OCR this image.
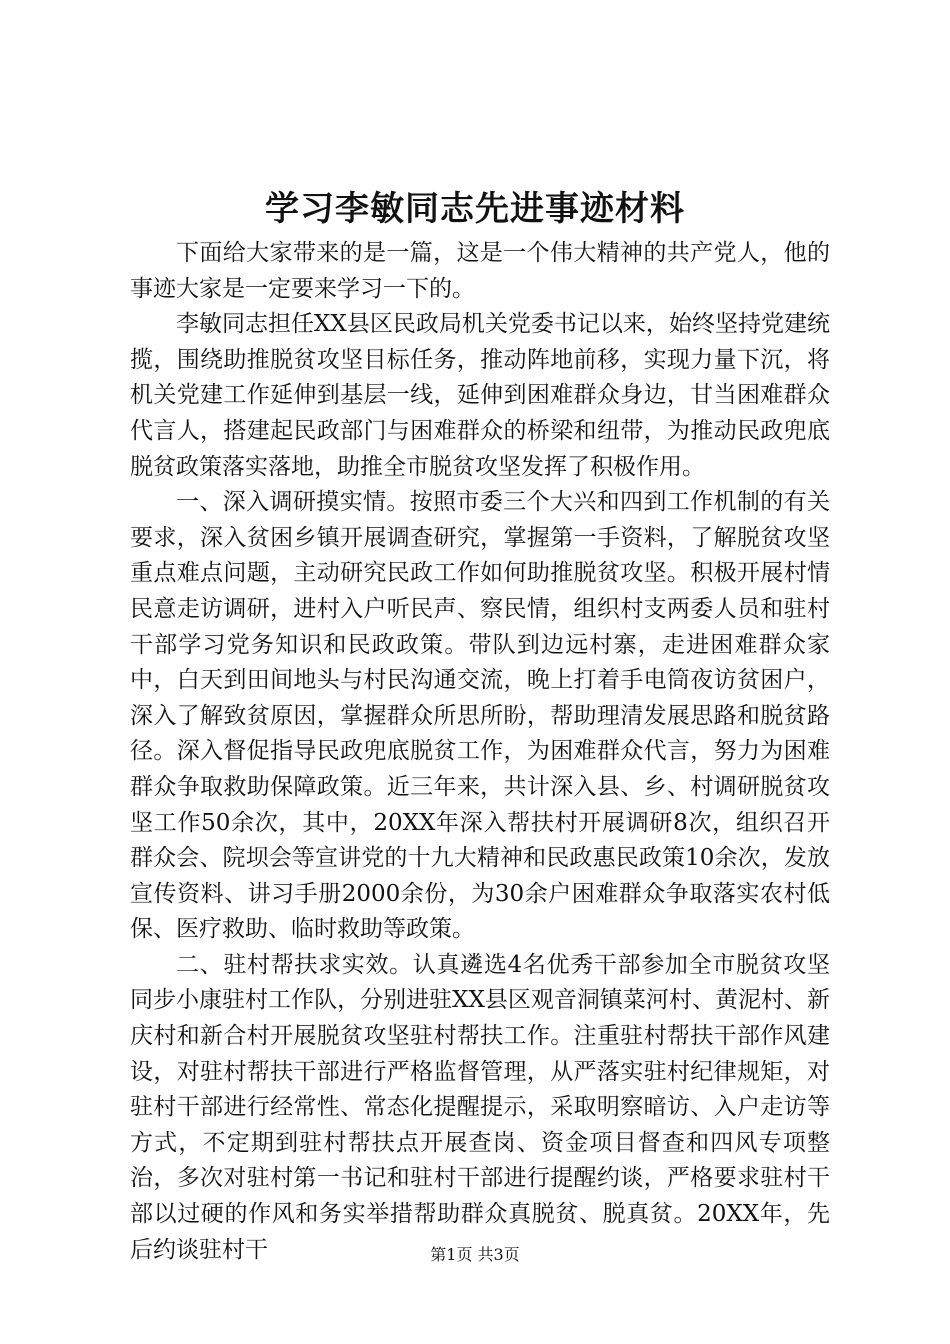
学习李敏同志先进事迹材料

下面给大家带来的是一篇，这是一个伟大精神的共产党人，他的事迹大家是一定要来学习一下的。

李敏同志担任XX县区民政局机关党委书记以来，始终坚持党建统揽，围绕助推脱贫攻坚目标任务，推动阵地前移，实现力量下沉，将机关党建工作延伸到基层一线，延伸到困难群众身边，甘当困难群众代言人，搭建起民政部门与困难群众的桥梁和纽带，为推动民政兜底脱贫政策落实落地，助推全市脱贫攻坚发挥了积极作用。

一、深入调研摸实情。按照市委三个大兴和四到工作机制的有关要求，深入贫困乡镇开展调查研究，掌握第一手资料，了解脱贫攻坚重点难点问题，主动研究民政工作如何助推脱贫攻坚。积极开展村情民意走访调研，进村入户听民声、察民情，组织村支两委人员和驻村干部学习党务知识和民政政策。带队到边远村寨，走进困难群众家中，白天到田间地头与村民沟通交流，晚上打着手电筒夜访贫困户，深入了解致贫原因，掌握群众所思所盼，帮助理清发展思路和脱贫路径。深入督促指导民政兜底脱贫工作，为困难群众代言，努力为困难群众争取救助保障政策。近三年来，共计深入县、乡、村调研脱贫攻坚工作50余次，其中，20XX年深入帮扶村开展调研8次，组织召开群众会、院坝会等宣讲党的十九大精神和民政惠民政策10余次，发放宣传资料、讲习手册2000余份，为30余户困难群众争取落实农村低保、医疗救助、临时救助等政策。

二、驻村帮扶求实效。认真遴选4名优秀干部参加全市脱贫攻坚同步小康驻村工作队，分别进驻XX县区观音洞镇菜河村、黄泥村、新庆村和新合村开展脱贫攻坚驻村帮扶工作。注重驻村帮扶干部作风建设，对驻村帮扶干部进行严格监督管理，从严落实驻村纪律规矩，对驻村干部进行经常性、常态化提醒提示，采取明察暗访、入户走访等方式，不定期到驻村帮扶点开展查岗、资金项目督查和四风专项整治，多次对驻村第一书记和驻村干部进行提醒约谈，严格要求驻村干部以过硬的作风和务实举措帮助群众真脱贫、脱真贫。20XX年，先后约谈驻村干	第1页 共3页
